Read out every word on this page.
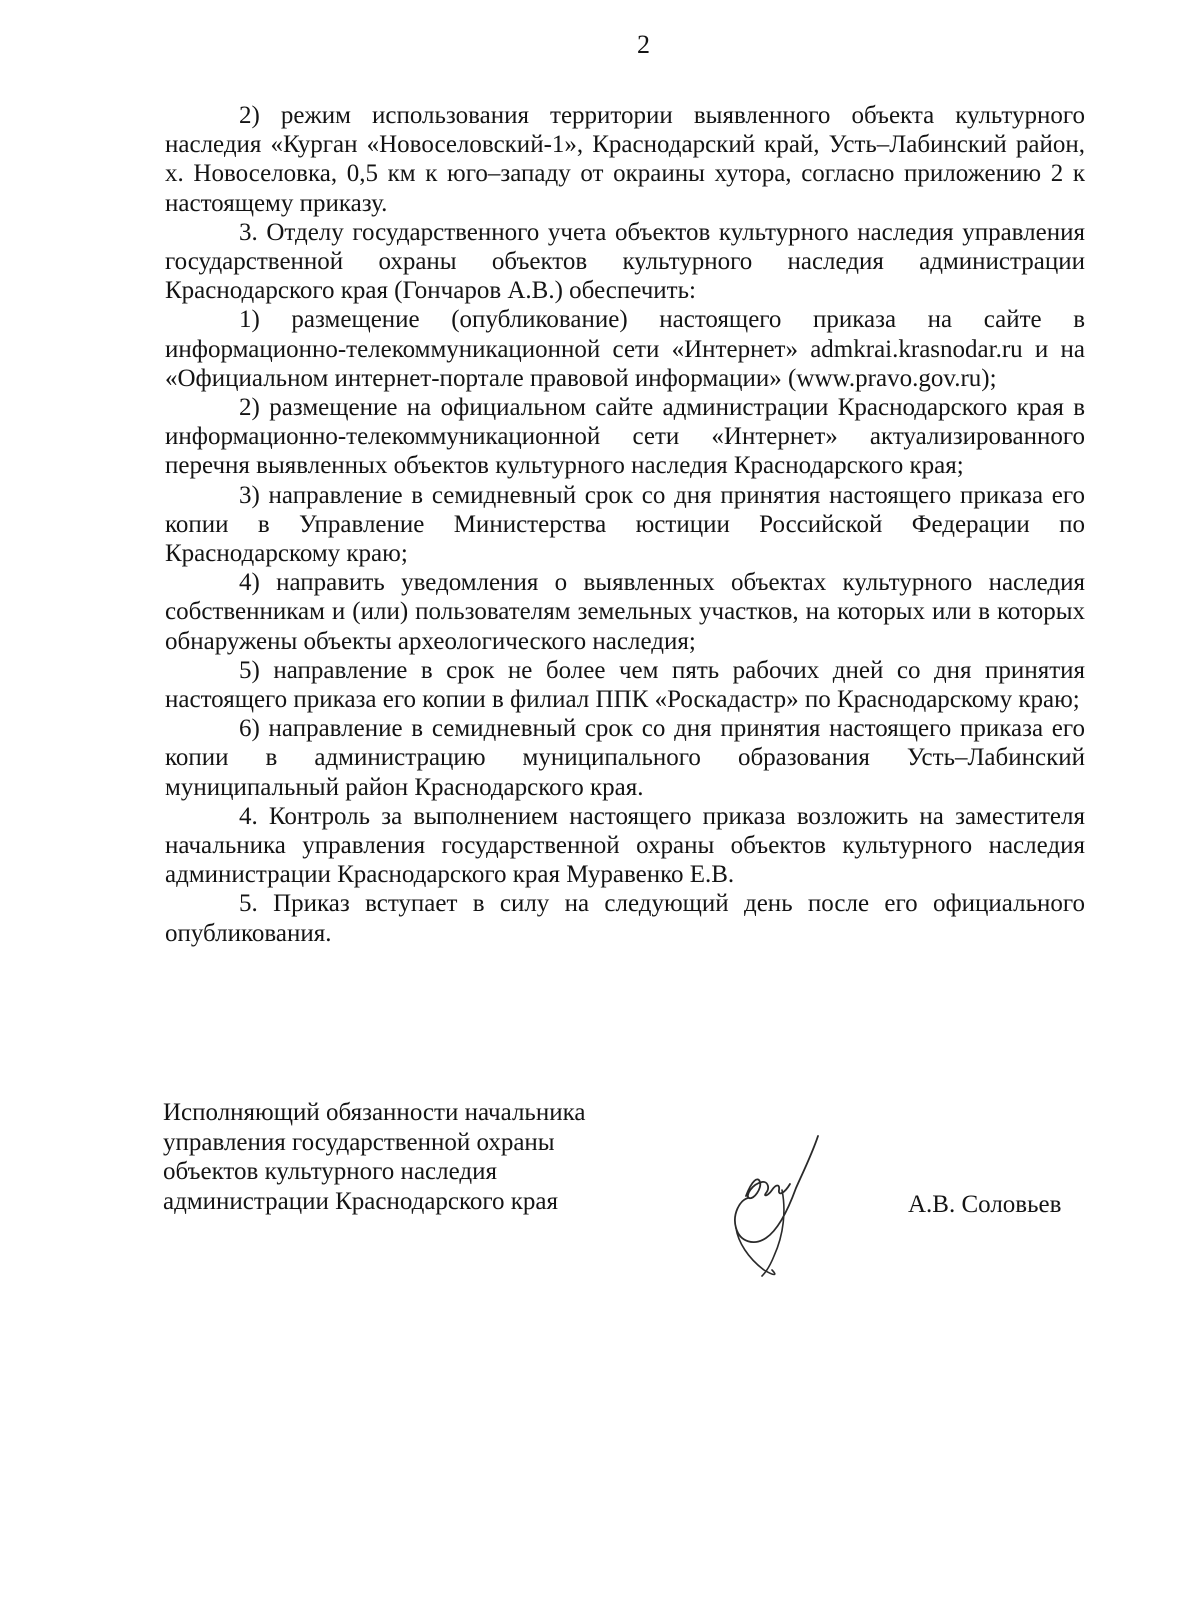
2

2) режим использования территории выявленного объекта культурного наследия «Курган «Новоселовский-1», Краснодарский край, Усть–Лабинский район, х. Новоселовка, 0,5 км к юго–западу от окраины хутора, согласно приложению 2 к настоящему приказу.

3. Отделу государственного учета объектов культурного наследия управления государственной охраны объектов культурного наследия администрации Краснодарского края (Гончаров А.В.) обеспечить:

1) размещение (опубликование) настоящего приказа на сайте в информационно-телекоммуникационной сети «Интернет» admkrai.krasnodar.ru и на «Официальном интернет-портале правовой информации» (www.pravo.gov.ru);

2) размещение на официальном сайте администрации Краснодарского края в информационно-телекоммуникационной сети «Интернет» актуализированного перечня выявленных объектов культурного наследия Краснодарского края;

3) направление в семидневный срок со дня принятия настоящего приказа его копии в Управление Министерства юстиции Российской Федерации по Краснодарскому краю;

4) направить уведомления о выявленных объектах культурного наследия собственникам и (или) пользователям земельных участков, на которых или в которых обнаружены объекты археологического наследия;

5) направление в срок не более чем пять рабочих дней со дня принятия настоящего приказа его копии в филиал ППК «Роскадастр» по Краснодарскому краю;

6) направление в семидневный срок со дня принятия настоящего приказа его копии в администрацию муниципального образования Усть–Лабинский муниципальный район Краснодарского края.

4. Контроль за выполнением настоящего приказа возложить на заместителя начальника управления государственной охраны объектов культурного наследия администрации Краснодарского края Муравенко Е.В.

5. Приказ вступает в силу на следующий день после его официального опубликования.

Исполняющий обязанности начальника
управления государственной охраны
объектов культурного наследия
администрации Краснодарского края	А.В. Соловьев
